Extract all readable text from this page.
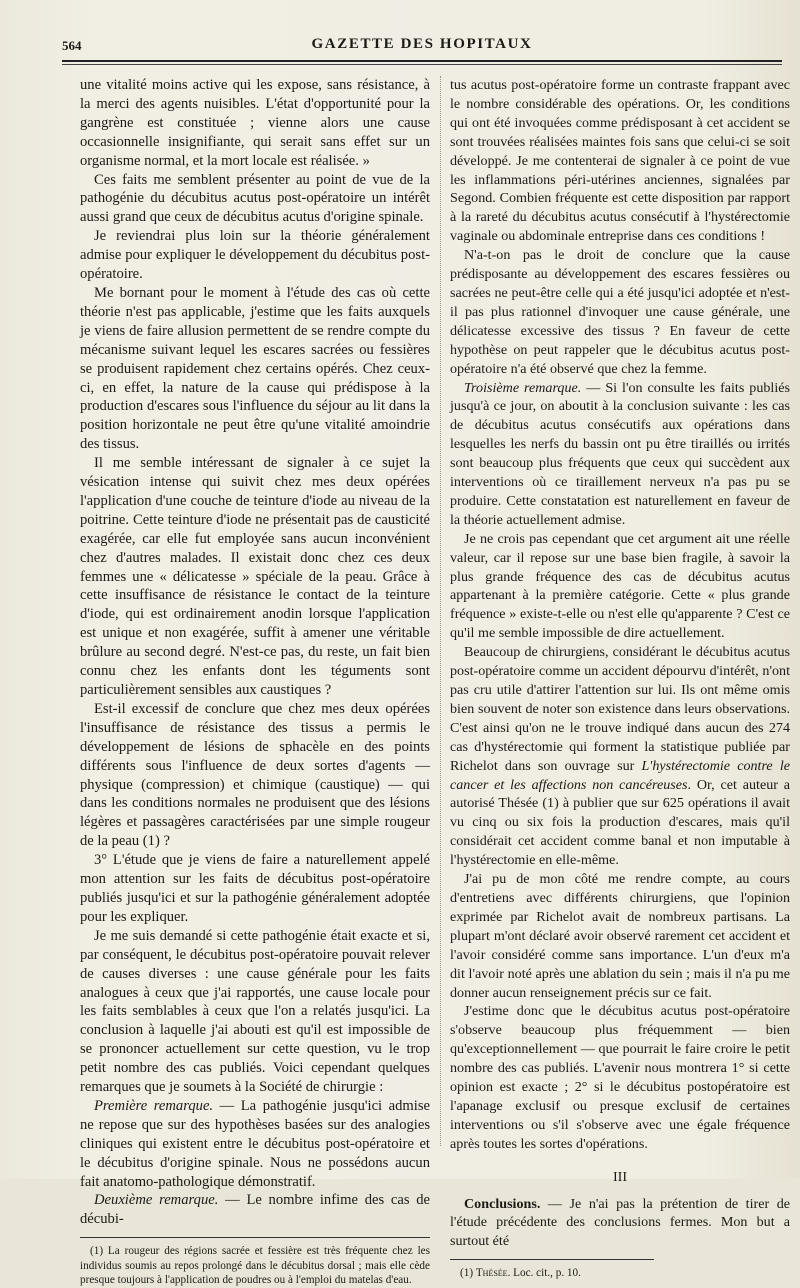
564	GAZETTE DES HOPITAUX

une vitalité moins active qui les expose, sans résistance, à la merci des agents nuisibles. L'état d'opportunité pour la gangrène est constituée ; vienne alors une cause occasionnelle insignifiante, qui serait sans effet sur un organisme normal, et la mort locale est réalisée. »

Ces faits me semblent présenter au point de vue de la pathogénie du décubitus acutus post-opératoire un intérêt aussi grand que ceux de décubitus acutus d'origine spinale.

Je reviendrai plus loin sur la théorie généralement admise pour expliquer le développement du décubitus post-opératoire.

Me bornant pour le moment à l'étude des cas où cette théorie n'est pas applicable, j'estime que les faits auxquels je viens de faire allusion permettent de se rendre compte du mécanisme suivant lequel les escares sacrées ou fessières se produisent rapidement chez certains opérés. Chez ceux-ci, en effet, la nature de la cause qui prédispose à la production d'escares sous l'influence du séjour au lit dans la position horizontale ne peut être qu'une vitalité amoindrie des tissus.

Il me semble intéressant de signaler à ce sujet la vésication intense qui suivit chez mes deux opérées l'application d'une couche de teinture d'iode au niveau de la poitrine. Cette teinture d'iode ne présentait pas de causticité exagérée, car elle fut employée sans aucun inconvénient chez d'autres malades. Il existait donc chez ces deux femmes une « délicatesse » spéciale de la peau. Grâce à cette insuffisance de résistance le contact de la teinture d'iode, qui est ordinairement anodin lorsque l'application est unique et non exagérée, suffit à amener une véritable brûlure au second degré. N'est-ce pas, du reste, un fait bien connu chez les enfants dont les téguments sont particulièrement sensibles aux caustiques ?

Est-il excessif de conclure que chez mes deux opérées l'insuffisance de résistance des tissus a permis le développement de lésions de sphacèle en des points différents sous l'influence de deux sortes d'agents — physique (compression) et chimique (caustique) — qui dans les conditions normales ne produisent que des lésions légères et passagères caractérisées par une simple rougeur de la peau (1) ?

3° L'étude que je viens de faire a naturellement appelé mon attention sur les faits de décubitus post-opératoire publiés jusqu'ici et sur la pathogénie généralement adoptée pour les expliquer.

Je me suis demandé si cette pathogénie était exacte et si, par conséquent, le décubitus post-opératoire pouvait relever de causes diverses : une cause générale pour les faits analogues à ceux que j'ai rapportés, une cause locale pour les faits semblables à ceux que l'on a relatés jusqu'ici. La conclusion à laquelle j'ai abouti est qu'il est impossible de se prononcer actuellement sur cette question, vu le trop petit nombre des cas publiés. Voici cependant quelques remarques que je soumets à la Société de chirurgie :

Première remarque. — La pathogénie jusqu'ici admise ne repose que sur des hypothèses basées sur des analogies cliniques qui existent entre le décubitus post-opératoire et le décubitus d'origine spinale. Nous ne possédons aucun fait anatomo-pathologique démonstratif.

Deuxième remarque. — Le nombre infime des cas de décubi-

(1) La rougeur des régions sacrée et fessière est très fréquente chez les individus soumis au repos prolongé dans le décubitus dorsal ; mais elle cède presque toujours à l'application de poudres ou à l'emploi du matelas d'eau.

tus acutus post-opératoire forme un contraste frappant avec le nombre considérable des opérations. Or, les conditions qui ont été invoquées comme prédisposant à cet accident se sont trouvées réalisées maintes fois sans que celui-ci se soit développé. Je me contenterai de signaler à ce point de vue les inflammations péri-utérines anciennes, signalées par Segond. Combien fréquente est cette disposition par rapport à la rareté du décubitus acutus consécutif à l'hystérectomie vaginale ou abdominale entreprise dans ces conditions !

N'a-t-on pas le droit de conclure que la cause prédisposante au développement des escares fessières ou sacrées ne peut-être celle qui a été jusqu'ici adoptée et n'est-il pas plus rationnel d'invoquer une cause générale, une délicatesse excessive des tissus ? En faveur de cette hypothèse on peut rappeler que le décubitus acutus post-opératoire n'a été observé que chez la femme.

Troisième remarque. — Si l'on consulte les faits publiés jusqu'à ce jour, on aboutit à la conclusion suivante : les cas de décubitus acutus consécutifs aux opérations dans lesquelles les nerfs du bassin ont pu être tiraillés ou irrités sont beaucoup plus fréquents que ceux qui succèdent aux interventions où ce tiraillement nerveux n'a pas pu se produire. Cette constatation est naturellement en faveur de la théorie actuellement admise.

Je ne crois pas cependant que cet argument ait une réelle valeur, car il repose sur une base bien fragile, à savoir la plus grande fréquence des cas de décubitus acutus appartenant à la première catégorie. Cette « plus grande fréquence » existe-t-elle ou n'est elle qu'apparente ? C'est ce qu'il me semble impossible de dire actuellement.

Beaucoup de chirurgiens, considérant le décubitus acutus post-opératoire comme un accident dépourvu d'intérêt, n'ont pas cru utile d'attirer l'attention sur lui. Ils ont même omis bien souvent de noter son existence dans leurs observations. C'est ainsi qu'on ne le trouve indiqué dans aucun des 274 cas d'hystérectomie qui forment la statistique publiée par Richelot dans son ouvrage sur L'hystérectomie contre le cancer et les affections non cancéreuses. Or, cet auteur a autorisé Thésée (1) à publier que sur 625 opérations il avait vu cinq ou six fois la production d'escares, mais qu'il considérait cet accident comme banal et non imputable à l'hystérectomie en elle-même.

J'ai pu de mon côté me rendre compte, au cours d'entretiens avec différents chirurgiens, que l'opinion exprimée par Richelot avait de nombreux partisans. La plupart m'ont déclaré avoir observé rarement cet accident et l'avoir considéré comme sans importance. L'un d'eux m'a dit l'avoir noté après une ablation du sein ; mais il n'a pu me donner aucun renseignement précis sur ce fait.

J'estime donc que le décubitus acutus post-opératoire s'observe beaucoup plus fréquemment — bien qu'exceptionnellement — que pourrait le faire croire le petit nombre des cas publiés. L'avenir nous montrera 1° si cette opinion est exacte ; 2° si le décubitus postopératoire est l'apanage exclusif ou presque exclusif de certaines interventions ou s'il s'observe avec une égale fréquence après toutes les sortes d'opérations.

III

Conclusions. — Je n'ai pas la prétention de tirer de l'étude précédente des conclusions fermes. Mon but a surtout été

(1) Thésée. Loc. cit., p. 10.
